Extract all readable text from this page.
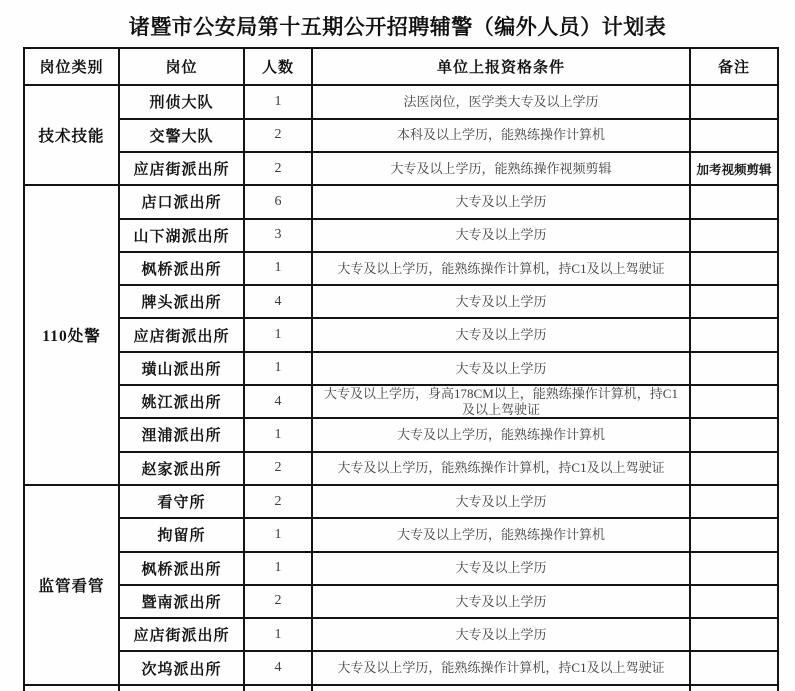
诸暨市公安局第十五期公开招聘辅警（编外人员）计划表
岗位类别	岗位	人数	单位上报资格条件	备注
技术技能	刑侦大队	1	法医岗位，医学类大专及以上学历	
	交警大队	2	本科及以上学历，能熟练操作计算机	
	应店街派出所	2	大专及以上学历，能熟练操作视频剪辑	加考视频剪辑
110处警	店口派出所	6	大专及以上学历	
	山下湖派出所	3	大专及以上学历	
	枫桥派出所	1	大专及以上学历，能熟练操作计算机，持C1及以上驾驶证	
	牌头派出所	4	大专及以上学历	
	应店街派出所	1	大专及以上学历	
	璜山派出所	1	大专及以上学历	
	姚江派出所	4	大专及以上学历，身高178CM以上，能熟练操作计算机，持C1及以上驾驶证	
	浬浦派出所	1	大专及以上学历，能熟练操作计算机	
	赵家派出所	2	大专及以上学历，能熟练操作计算机，持C1及以上驾驶证	
监管看管	看守所	2	大专及以上学历	
	拘留所	1	大专及以上学历，能熟练操作计算机	
	枫桥派出所	1	大专及以上学历	
	暨南派出所	2	大专及以上学历	
	应店街派出所	1	大专及以上学历	
	次坞派出所	4	大专及以上学历，能熟练操作计算机，持C1及以上驾驶证	
